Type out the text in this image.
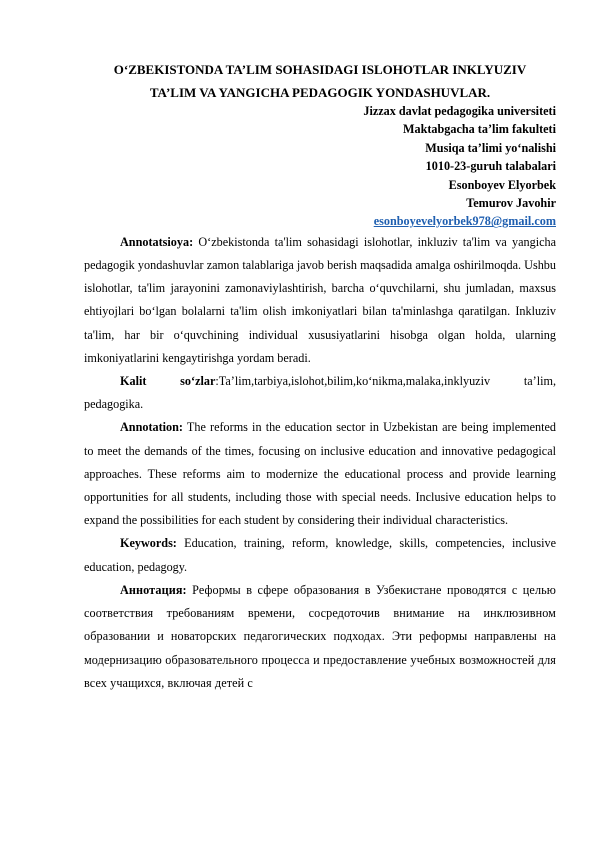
O‘ZBEKISTONDA TA’LIM SOHASIDAGI ISLOHOTLAR INKLYUZIV

TA’LIM VA YANGICHA PEDAGOGIK YONDASHUVLAR.

Jizzax davlat pedagogika universiteti

Maktabgacha ta’lim fakulteti

Musiqa ta’limi yo‘nalishi

1010-23-guruh talabalari

Esonboyev Elyorbek

Temurov Javohir

esonboyevelyorbek978@gmail.com

Annotatsioya: O‘zbekistonda ta'lim sohasidagi islohotlar, inkluziv ta'lim va yangicha pedagogik yondashuvlar zamon talablariga javob berish maqsadida amalga oshirilmoqda. Ushbu islohotlar, ta'lim jarayonini zamonaviylashtirish, barcha o‘quvchilarni, shu jumladan, maxsus ehtiyojlari bo‘lgan bolalarni ta'lim olish imkoniyatlari bilan ta'minlashga qaratilgan. Inkluziv ta'lim, har bir o‘quvchining individual xususiyatlarini hisobga olgan holda, ularning imkoniyatlarini kengaytirishga yordam beradi.

Kalit so‘zlar:Ta’lim,tarbiya,islohot,bilim,ko‘nikma,malaka,inklyuziv ta’lim, pedagogika.

Annotation: The reforms in the education sector in Uzbekistan are being implemented to meet the demands of the times, focusing on inclusive education and innovative pedagogical approaches. These reforms aim to modernize the educational process and provide learning opportunities for all students, including those with special needs. Inclusive education helps to expand the possibilities for each student by considering their individual characteristics.

Keywords: Education, training, reform, knowledge, skills, competencies, inclusive education, pedagogy.

Аннотация: Реформы в сфере образования в Узбекистане проводятся с целью соответствия требованиям времени, сосредоточив внимание на инклюзивном образовании и новаторских педагогических подходах. Эти реформы направлены на модернизацию образовательного процесса и предоставление учебных возможностей для всех учащихся, включая детей с
